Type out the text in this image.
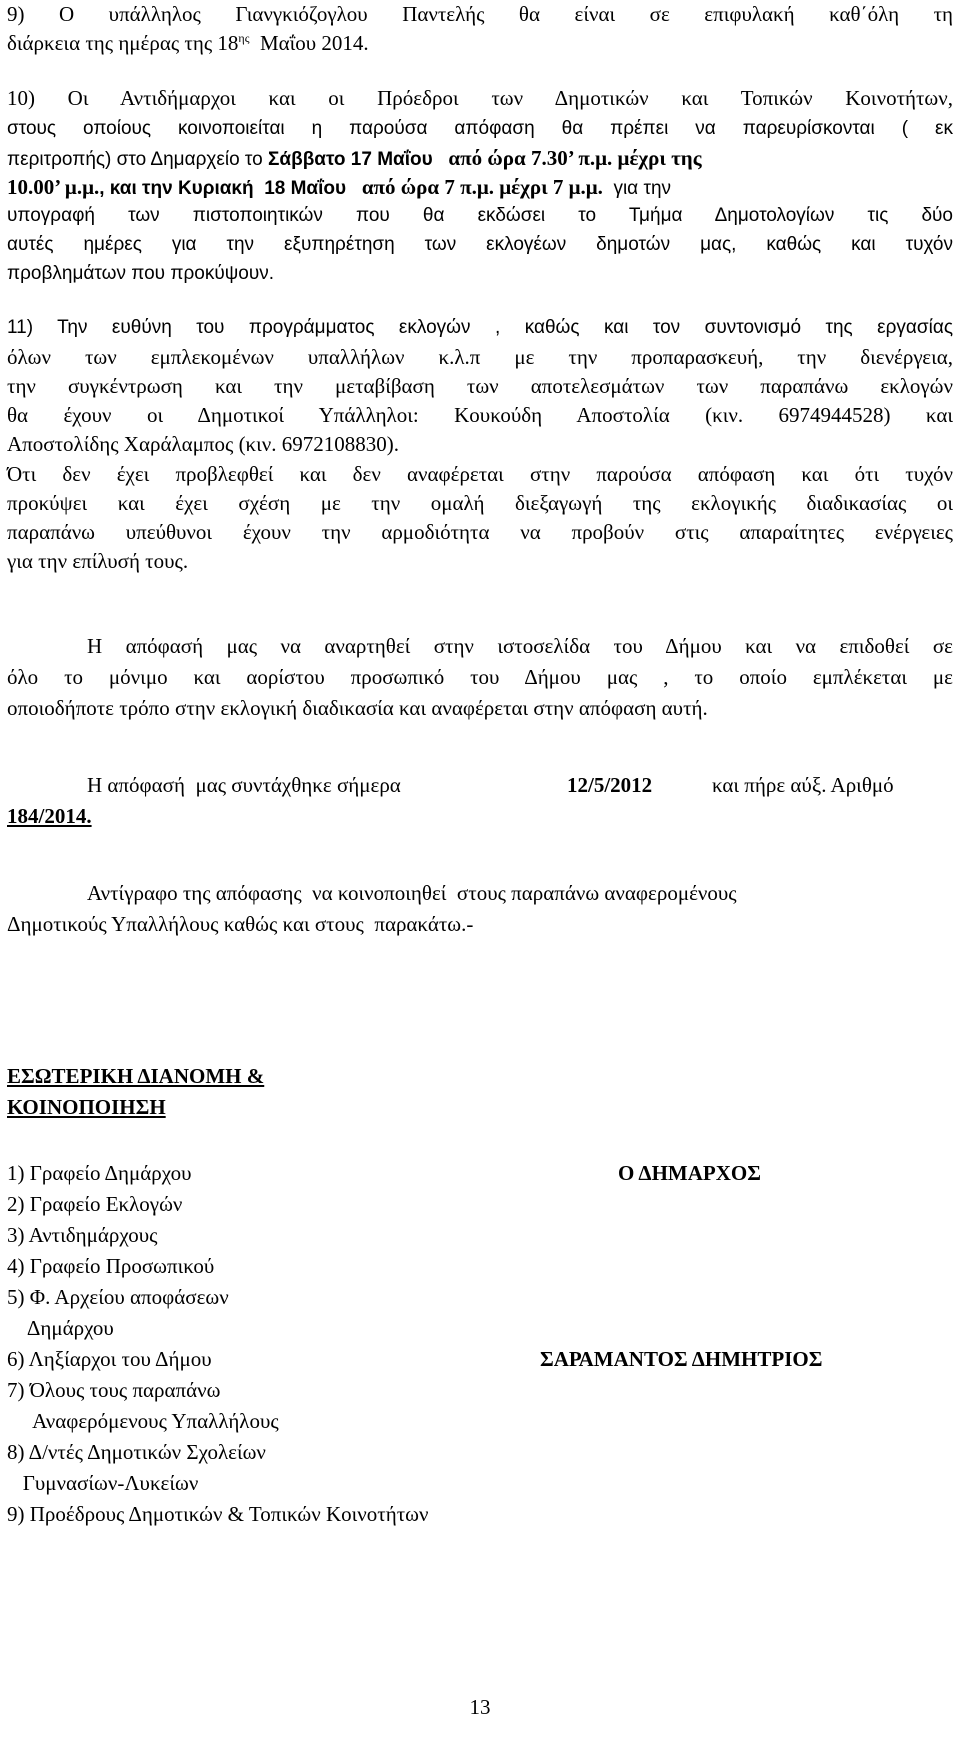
9) Ο υπάλληλος Γιανγκιόζογλου Παντελής θα είναι σε επιφυλακή καθ΄όλη τη
διάρκεια της ημέρας της $18^{\eta\varsigma}$  Μαΐου 2014.
10) Οι Αντιδήμαρχοι και οι Πρόεδροι των Δημοτικών και Τοπικών Κοινοτήτων,
στους οποίους κοινοποιείται η παρούσα απόφαση θα πρέπει να παρευρίσκονται ( εκ
περιτροπής) στο Δημαρχείο το Σάββατο 17 Μαΐου   από ώρα 7.30’ π.μ. μέχρι της
10.00’ μ.μ., και την Κυριακή  18 Μαΐου   από ώρα 7 π.μ. μέχρι 7 μ.μ.  για την
υπογραφή των πιστοποιητικών που θα εκδώσει το Τμήμα Δημοτολογίων τις δύο
αυτές ημέρες για την εξυπηρέτηση των εκλογέων δημοτών μας, καθώς και τυχόν
προβλημάτων που προκύψουν.
11) Την ευθύνη του προγράμματος εκλογών , καθώς και τον συντονισμό της εργασίας
όλων των εμπλεκομένων υπαλλήλων κ.λ.π με την προπαρασκευή, την διενέργεια,
την συγκέντρωση και την μεταβίβαση των αποτελεσμάτων των παραπάνω εκλογών
θα έχουν οι Δημοτικοί Υπάλληλοι: Κουκούδη Αποστολία (κιν. 6974944528) και
Αποστολίδης Χαράλαμπος (κιν. 6972108830).
Ότι δεν έχει προβλεφθεί και δεν αναφέρεται στην παρούσα απόφαση και ότι τυχόν
προκύψει και έχει σχέση με την ομαλή διεξαγωγή της εκλογικής διαδικασίας οι
παραπάνω υπεύθυνοι έχουν την αρμοδιότητα να προβούν στις απαραίτητες ενέργειες
για την επίλυσή τους.
Η απόφασή μας να αναρτηθεί στην ιστοσελίδα του Δήμου και να επιδοθεί σε
όλο το μόνιμο και αορίστου προσωπικό του Δήμου μας , το οποίο εμπλέκεται με
οποιοδήποτε τρόπο στην εκλογική διαδικασία και αναφέρεται στην απόφαση αυτή.
Η απόφασή  μας συντάχθηκε σήμερα	12/5/2012	και πήρε αύξ. Αριθμό
184/2014.
Αντίγραφο της απόφασης  να κοινοποιηθεί  στους παραπάνω αναφερομένους
Δημοτικούς Υπαλλήλους καθώς και στους  παρακάτω.-
ΕΣΩΤΕΡΙΚΗ ΔΙΑΝΟΜΗ &
ΚΟΙΝΟΠΟΙΗΣΗ
1) Γραφείο Δημάρχου
2) Γραφείο Εκλογών
3) Αντιδημάρχους
4) Γραφείο Προσωπικού
5) Φ. Αρχείου αποφάσεων
Δημάρχου
6) Ληξίαρχοι του Δήμου
7) Όλους τους παραπάνω
Αναφερόμενους Υπαλλήλους
8) Δ/ντές Δημοτικών Σχολείων
Γυμνασίων-Λυκείων
9) Προέδρους Δημοτικών & Τοπικών Κοινοτήτων
Ο ΔΗΜΑΡΧΟΣ
ΣΑΡΑΜΑΝΤΟΣ ΔΗΜΗΤΡΙΟΣ
13
